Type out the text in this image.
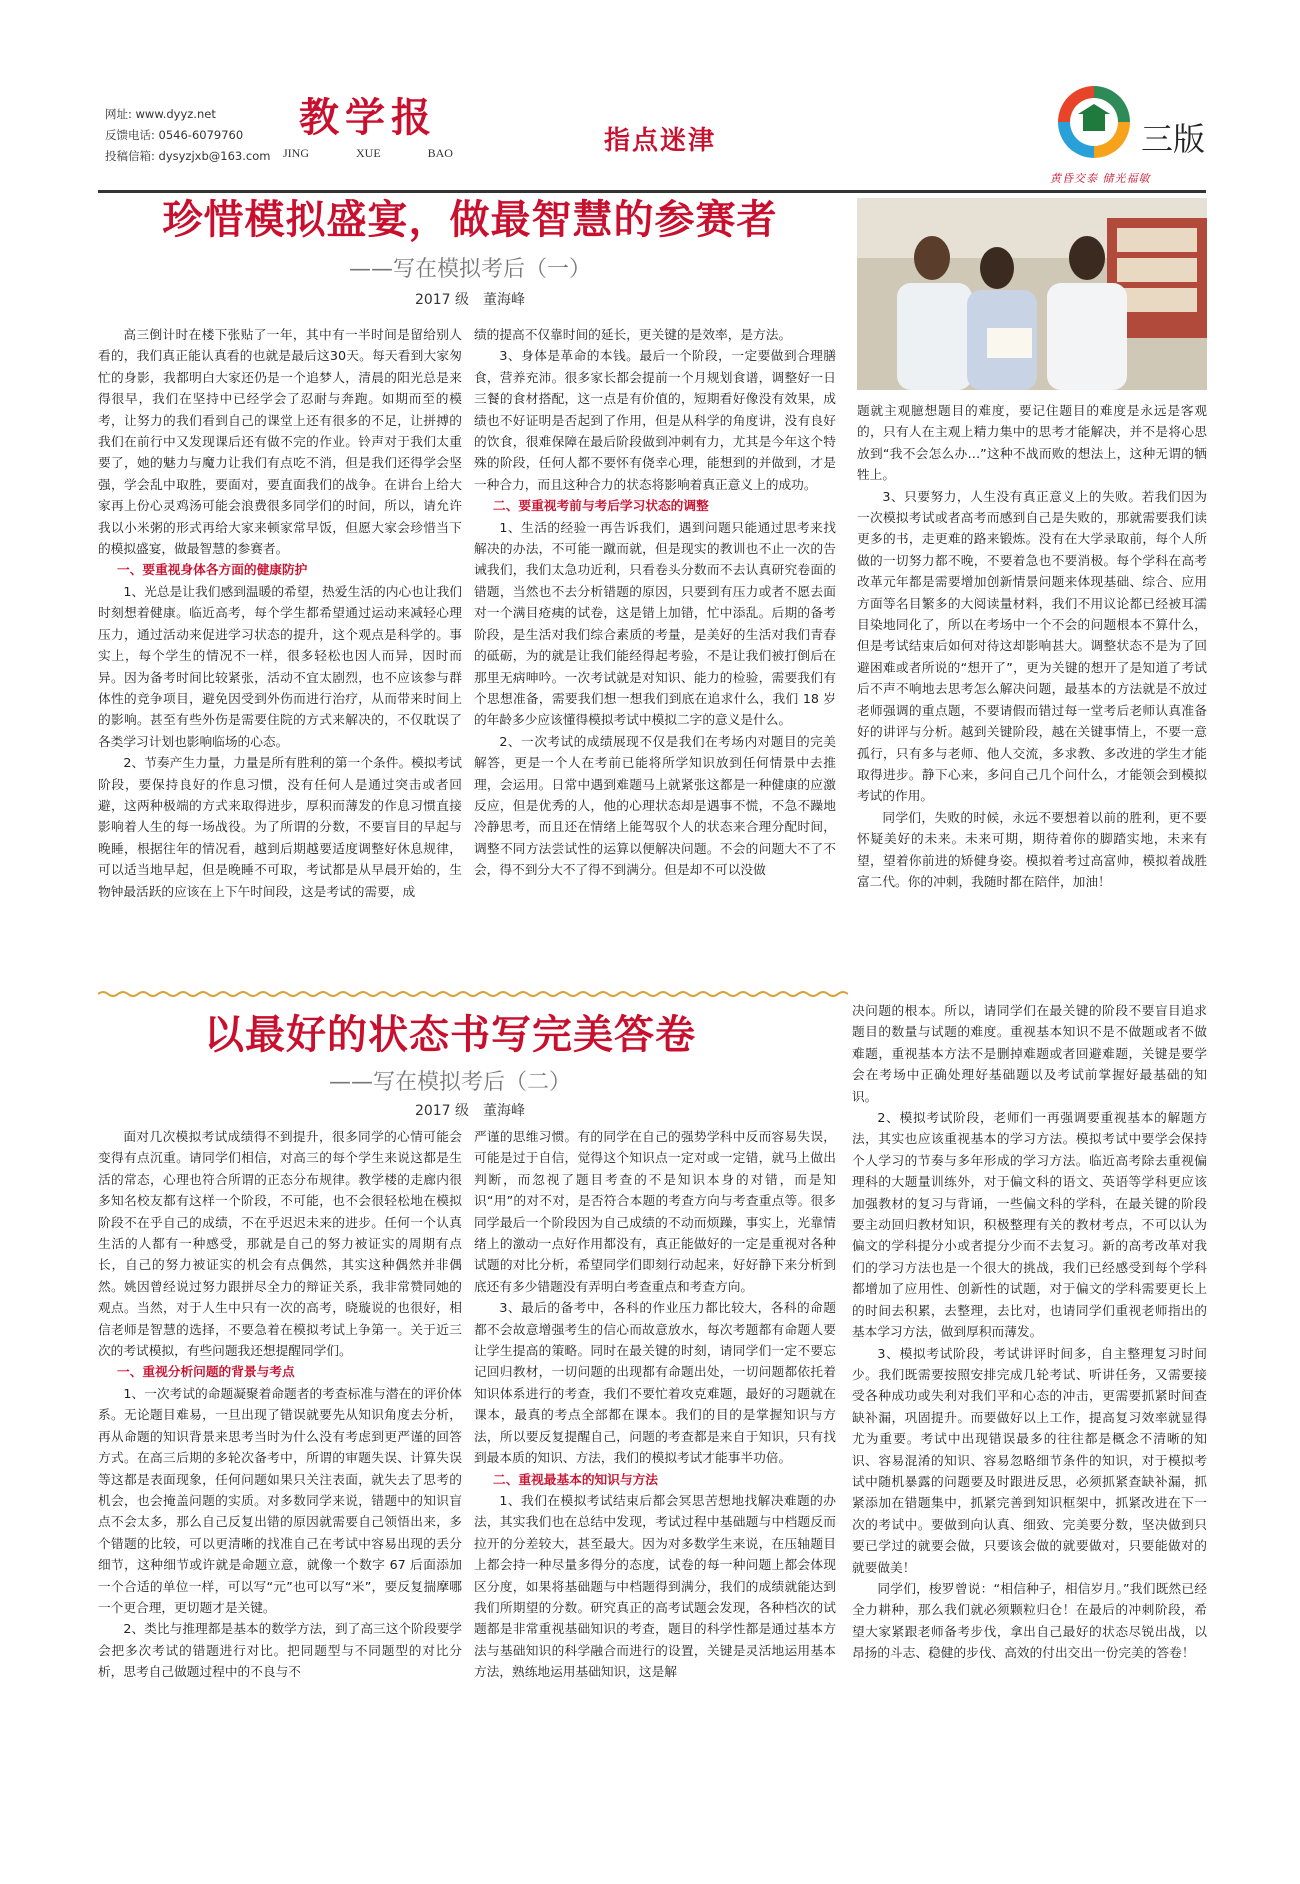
网址: www.dyyz.net
反馈电话: 0546-6079760
投稿信箱: dysyzjxb@163.com
教学报
JING	XUE	BAO	指点迷津	三版
黄昏交泰 储光福敏
珍惜模拟盛宴，做最智慧的参赛者
——写在模拟考后（一）
2017 级　董海峰

高三倒计时在楼下张贴了一年，其中有一半时间是留给别人看的，我们真正能认真看的也就是最后这30天。每天看到大家匆忙的身影，我都明白大家还仍是一个追梦人，清晨的阳光总是来得很早，我们在坚持中已经学会了忍耐与奔跑。如期而至的模考，让努力的我们看到自己的课堂上还有很多的不足，让拼搏的我们在前行中又发现课后还有做不完的作业。铃声对于我们太重要了，她的魅力与魔力让我们有点吃不消，但是我们还得学会坚强，学会乱中取胜，要面对，要直面我们的战争。在讲台上给大家再上份心灵鸡汤可能会浪费很多同学们的时间，所以，请允许我以小米粥的形式再给大家来顿家常早饭，但愿大家会珍惜当下的模拟盛宴，做最智慧的参赛者。

一、要重视身体各方面的健康防护

1、光总是让我们感到温暖的希望，热爱生活的内心也让我们时刻想着健康。临近高考，每个学生都希望通过运动来减轻心理压力，通过活动来促进学习状态的提升，这个观点是科学的。事实上，每个学生的情况不一样，很多轻松也因人而异，因时而异。因为备考时间比较紧张，活动不宜太剧烈，也不应该参与群体性的竞争项目，避免因受到外伤而进行治疗，从而带来时间上的影响。甚至有些外伤是需要住院的方式来解决的，不仅耽误了各类学习计划也影响临场的心态。

2、节奏产生力量，力量是所有胜利的第一个条件。模拟考试阶段，要保持良好的作息习惯，没有任何人是通过突击或者回避，这两种极端的方式来取得进步，厚积而薄发的作息习惯直接影响着人生的每一场战役。为了所谓的分数，不要盲目的早起与晚睡，根据往年的情况看，越到后期越要适度调整好休息规律，可以适当地早起，但是晚睡不可取，考试都是从早晨开始的，生物钟最活跃的应该在上下午时间段，这是考试的需要，成

绩的提高不仅靠时间的延长，更关键的是效率，是方法。

3、身体是革命的本钱。最后一个阶段，一定要做到合理膳食，营养充沛。很多家长都会提前一个月规划食谱，调整好一日三餐的食材搭配，这一点是有价值的，短期看好像没有效果，成绩也不好证明是否起到了作用，但是从科学的角度讲，没有良好的饮食，很难保障在最后阶段做到冲刺有力，尤其是今年这个特殊的阶段，任何人都不要怀有侥幸心理，能想到的并做到，才是一种合力，而且这种合力的状态将影响着真正意义上的成功。

二、要重视考前与考后学习状态的调整

1、生活的经验一再告诉我们，遇到问题只能通过思考来找解决的办法，不可能一蹴而就，但是现实的教训也不止一次的告诫我们，我们太急功近利，只看卷头分数而不去认真研究卷面的错题，当然也不去分析错题的原因，只要到有压力或者不愿去面对一个满目疮痍的试卷，这是错上加错，忙中添乱。后期的备考阶段，是生活对我们综合素质的考量，是美好的生活对我们青春的砥砺，为的就是让我们能经得起考验，不是让我们被打倒后在那里无病呻吟。一次考试就是对知识、能力的检验，需要我们有个思想准备，需要我们想一想我们到底在追求什么，我们 18 岁的年龄多少应该懂得模拟考试中模拟二字的意义是什么。

2、一次考试的成绩展现不仅是我们在考场内对题目的完美解答，更是一个人在考前已能将所学知识放到任何情景中去推理，会运用。日常中遇到难题马上就紧张这都是一种健康的应激反应，但是优秀的人，他的心理状态却是遇事不慌，不急不躁地冷静思考，而且还在情绪上能驾驭个人的状态来合理分配时间，调整不同方法尝试性的运算以便解决问题。不会的问题大不了不会，得不到分大不了得不到满分。但是却不可以没做

题就主观臆想题目的难度，要记住题目的难度是永远是客观的，只有人在主观上精力集中的思考才能解决，并不是将心思放到“我不会怎么办…”这种不战而败的想法上，这种无谓的牺牲上。

3、只要努力，人生没有真正意义上的失败。若我们因为一次模拟考试或者高考而感到自己是失败的，那就需要我们读更多的书，走更难的路来锻炼。没有在大学录取前，每个人所做的一切努力都不晚，不要着急也不要消极。每个学科在高考改革元年都是需要增加创新情景问题来体现基础、综合、应用方面等名目繁多的大阅读量材料，我们不用议论都已经被耳濡目染地同化了，所以在考场中一个不会的问题根本不算什么，但是考试结束后如何对待这却影响甚大。调整状态不是为了回避困难或者所说的“想开了”，更为关键的想开了是知道了考试后不声不响地去思考怎么解决问题，最基本的方法就是不放过老师强调的重点题，不要请假而错过每一堂考后老师认真准备好的讲评与分析。越到关键阶段，越在关键事情上，不要一意孤行，只有多与老师、他人交流，多求教、多改进的学生才能取得进步。静下心来，多问自己几个问什么，才能领会到模拟考试的作用。

同学们，失败的时候，永远不要想着以前的胜利，更不要怀疑美好的未来。未来可期，期待着你的脚踏实地，未来有望，望着你前进的矫健身姿。模拟着考过高富帅，模拟着战胜富二代。你的冲刺，我随时都在陪伴，加油！

以最好的状态书写完美答卷
——写在模拟考后（二）
2017 级　董海峰

面对几次模拟考试成绩得不到提升，很多同学的心情可能会变得有点沉重。请同学们相信，对高三的每个学生来说这都是生活的常态，心理也符合所谓的正态分布规律。教学楼的走廊内很多知名校友都有这样一个阶段，不可能，也不会很轻松地在模拟阶段不在乎自己的成绩，不在乎迟迟未来的进步。任何一个认真生活的人都有一种感受，那就是自己的努力被证实的周期有点长，自己的努力被证实的机会有点偶然，其实这种偶然并非偶然。姚因曾经说过努力跟拼尽全力的辩证关系，我非常赞同她的观点。当然，对于人生中只有一次的高考，晓璇说的也很好，相信老师是智慧的选择，不要急着在模拟考试上争第一。关于近三次的考试模拟，有些问题我还想提醒同学们。

一、重视分析问题的背景与考点

1、一次考试的命题凝聚着命题者的考查标准与潜在的评价体系。无论题目难易，一旦出现了错误就要先从知识角度去分析，再从命题的知识背景来思考当时为什么没有考虑到更严谨的回答方式。在高三后期的多轮次备考中，所谓的审题失误、计算失误等这都是表面现象，任何问题如果只关注表面，就失去了思考的机会，也会掩盖问题的实质。对多数同学来说，错题中的知识盲点不会太多，那么自己反复出错的原因就需要自己领悟出来，多个错题的比较，可以更清晰的找准自己在考试中容易出现的丢分细节，这种细节或许就是命题立意，就像一个数字 67 后面添加一个合适的单位一样，可以写“元”也可以写“米”，要反复揣摩哪一个更合理，更切题才是关键。

2、类比与推理都是基本的数学方法，到了高三这个阶段要学会把多次考试的错题进行对比。把同题型与不同题型的对比分析，思考自己做题过程中的不良与不

严谨的思维习惯。有的同学在自己的强势学科中反而容易失误，可能是过于自信，觉得这个知识点一定对或一定错，就马上做出判断，而忽视了题目考查的不是知识本身的对错，而是知识“用”的对不对，是否符合本题的考查方向与考查重点等。很多同学最后一个阶段因为自己成绩的不动而烦躁，事实上，光靠情绪上的激动一点好作用都没有，真正能做好的一定是重视对各种试题的对比分析，希望同学们即刻行动起来，好好静下来分析到底还有多少错题没有弄明白考查重点和考查方向。

3、最后的备考中，各科的作业压力都比较大，各科的命题都不会故意增强考生的信心而故意放水，每次考题都有命题人要让学生提高的策略。同时在最关键的时刻，请同学们一定不要忘记回归教材，一切问题的出现都有命题出处，一切问题都依托着知识体系进行的考查，我们不要忙着攻克难题，最好的习题就在课本，最真的考点全部都在课本。我们的目的是掌握知识与方法，所以要反复提醒自己，问题的考查都是来自于知识，只有找到最本质的知识、方法，我们的模拟考试才能事半功倍。

二、重视最基本的知识与方法

1、我们在模拟考试结束后都会冥思苦想地找解决难题的办法，其实我们也在总结中发现，考试过程中基础题与中档题反而拉开的分差较大，甚至最大。因为对多数学生来说，在压轴题目上都会持一种尽量多得分的态度，试卷的每一种问题上都会体现区分度，如果将基础题与中档题得到满分，我们的成绩就能达到我们所期望的分数。研究真正的高考试题会发现，各种档次的试题都是非常重视基础知识的考查，题目的科学性都是通过基本方法与基础知识的科学融合而进行的设置，关键是灵活地运用基本方法，熟练地运用基础知识，这是解

决问题的根本。所以，请同学们在最关键的阶段不要盲目追求题目的数量与试题的难度。重视基本知识不是不做题或者不做难题，重视基本方法不是删掉难题或者回避难题，关键是要学会在考场中正确处理好基础题以及考试前掌握好最基础的知识。

2、模拟考试阶段，老师们一再强调要重视基本的解题方法，其实也应该重视基本的学习方法。模拟考试中要学会保持个人学习的节奏与多年形成的学习方法。临近高考除去重视偏理科的大题量训练外，对于偏文科的语文、英语等学科更应该加强教材的复习与背诵，一些偏文科的学科，在最关键的阶段要主动回归教材知识，积极整理有关的教材考点，不可以认为偏文的学科提分小或者提分少而不去复习。新的高考改革对我们的学习方法也是一个很大的挑战，我们已经感受到每个学科都增加了应用性、创新性的试题，对于偏文的学科需要更长上的时间去积累，去整理，去比对，也请同学们重视老师指出的基本学习方法，做到厚积而薄发。

3、模拟考试阶段，考试讲评时间多，自主整理复习时间少。我们既需要按照安排完成几轮考试、听讲任务，又需要接受各种成功或失利对我们平和心态的冲击，更需要抓紧时间查缺补漏，巩固提升。而要做好以上工作，提高复习效率就显得尤为重要。考试中出现错误最多的往往都是概念不清晰的知识、容易混淆的知识、容易忽略细节条件的知识，对于模拟考试中随机暴露的问题要及时跟进反思，必须抓紧查缺补漏，抓紧添加在错题集中，抓紧完善到知识框架中，抓紧改进在下一次的考试中。要做到向认真、细致、完美要分数，坚决做到只要已学过的就要会做，只要该会做的就要做对，只要能做对的就要做美！

同学们，梭罗曾说：“相信种子，相信岁月。”我们既然已经全力耕种，那么我们就必须颗粒归仓！在最后的冲刺阶段，希望大家紧跟老师备考步伐，拿出自己最好的状态尽锐出战，以昂扬的斗志、稳健的步伐、高效的付出交出一份完美的答卷！
